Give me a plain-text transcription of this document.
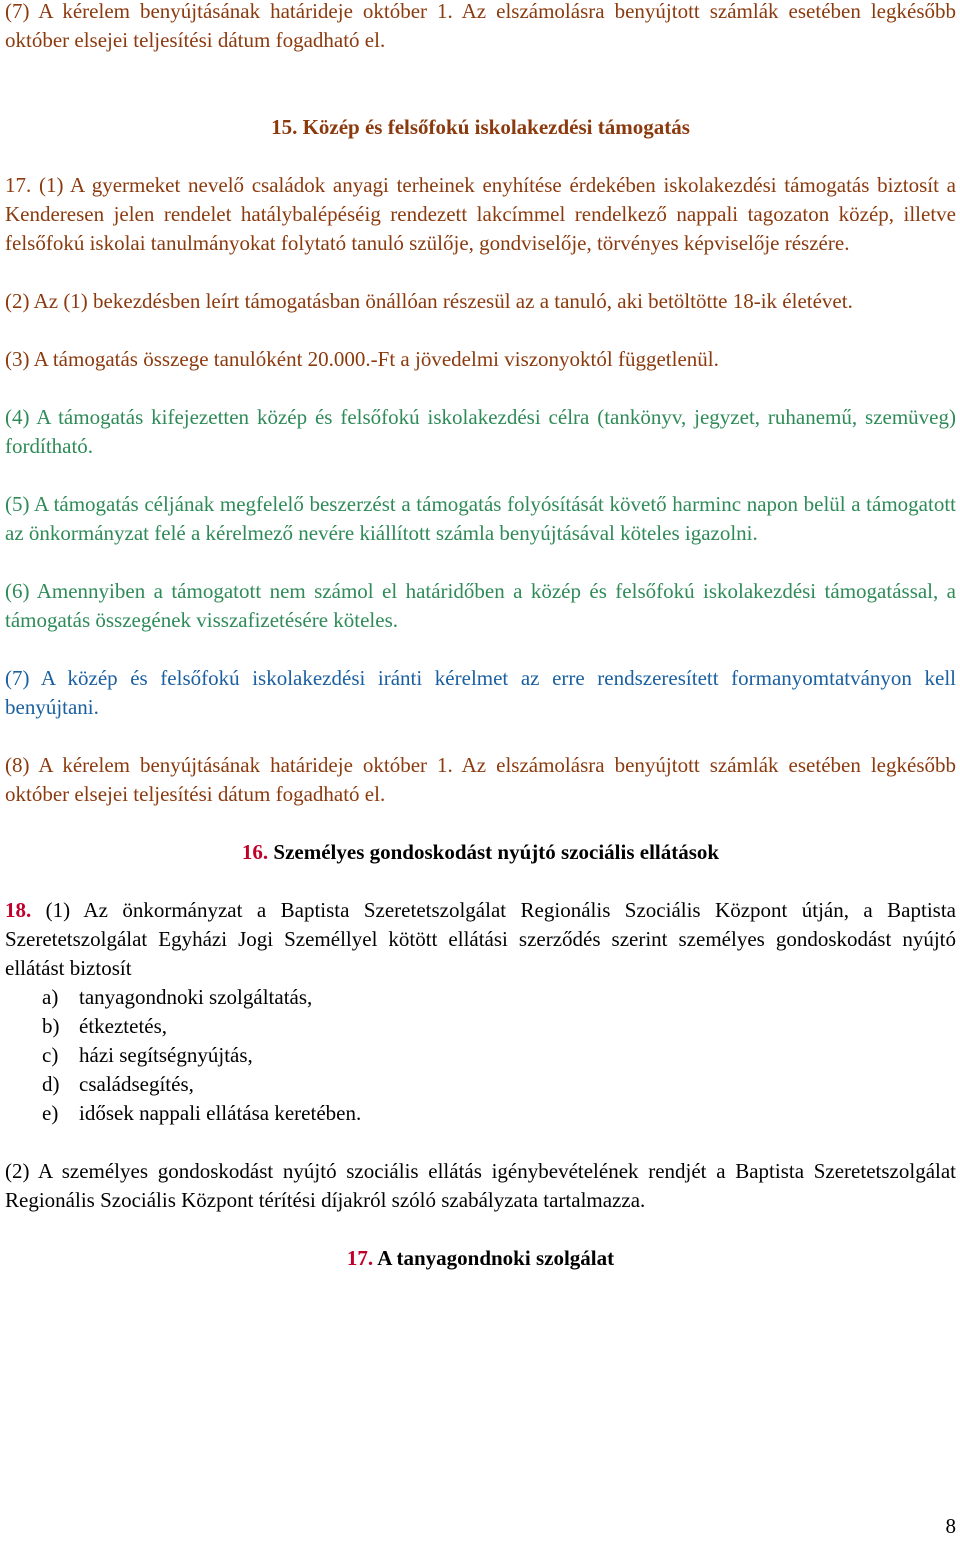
(7) A kérelem benyújtásának határideje október 1. Az elszámolásra benyújtott számlák esetében legkésőbb október elsejei teljesítési dátum fogadható el.

15. Közép és felsőfokú iskolakezdési támogatás

17. (1) A gyermeket nevelő családok anyagi terheinek enyhítése érdekében iskolakezdési támogatás biztosít a Kenderesen jelen rendelet hatálybalépéséig rendezett lakcímmel rendelkező nappali tagozaton közép, illetve felsőfokú iskolai tanulmányokat folytató tanuló szülője, gondviselője, törvényes képviselője részére.

(2) Az (1) bekezdésben leírt támogatásban önállóan részesül az a tanuló, aki betöltötte 18-ik életévet.

(3) A támogatás összege tanulóként 20.000.-Ft a jövedelmi viszonyoktól függetlenül.

(4) A támogatás kifejezetten közép és felsőfokú iskolakezdési célra (tankönyv, jegyzet, ruhanemű, szemüveg) fordítható.

(5) A támogatás céljának megfelelő beszerzést a támogatás folyósítását követő harminc napon belül a támogatott az önkormányzat felé a kérelmező nevére kiállított számla benyújtásával köteles igazolni.

(6) Amennyiben a támogatott nem számol el határidőben a közép és felsőfokú iskolakezdési támogatással, a támogatás összegének visszafizetésére köteles.

(7) A közép és felsőfokú iskolakezdési iránti kérelmet az erre rendszeresített formanyomtatványon kell benyújtani.

(8) A kérelem benyújtásának határideje október 1. Az elszámolásra benyújtott számlák esetében legkésőbb október elsejei teljesítési dátum fogadható el.

16. Személyes gondoskodást nyújtó szociális ellátások

18. (1) Az önkormányzat a Baptista Szeretetszolgálat Regionális Szociális Központ útján, a Baptista Szeretetszolgálat Egyházi Jogi Személlyel kötött ellátási szerződés szerint személyes gondoskodást nyújtó ellátást biztosít

a) tanyagondnoki szolgáltatás,
b) étkeztetés,
c) házi segítségnyújtás,
d) családsegítés,
e) idősek nappali ellátása keretében.

(2) A személyes gondoskodást nyújtó szociális ellátás igénybevételének rendjét a Baptista Szeretetszolgálat Regionális Szociális Központ térítési díjakról szóló szabályzata tartalmazza.

17. A tanyagondnoki szolgálat

8
